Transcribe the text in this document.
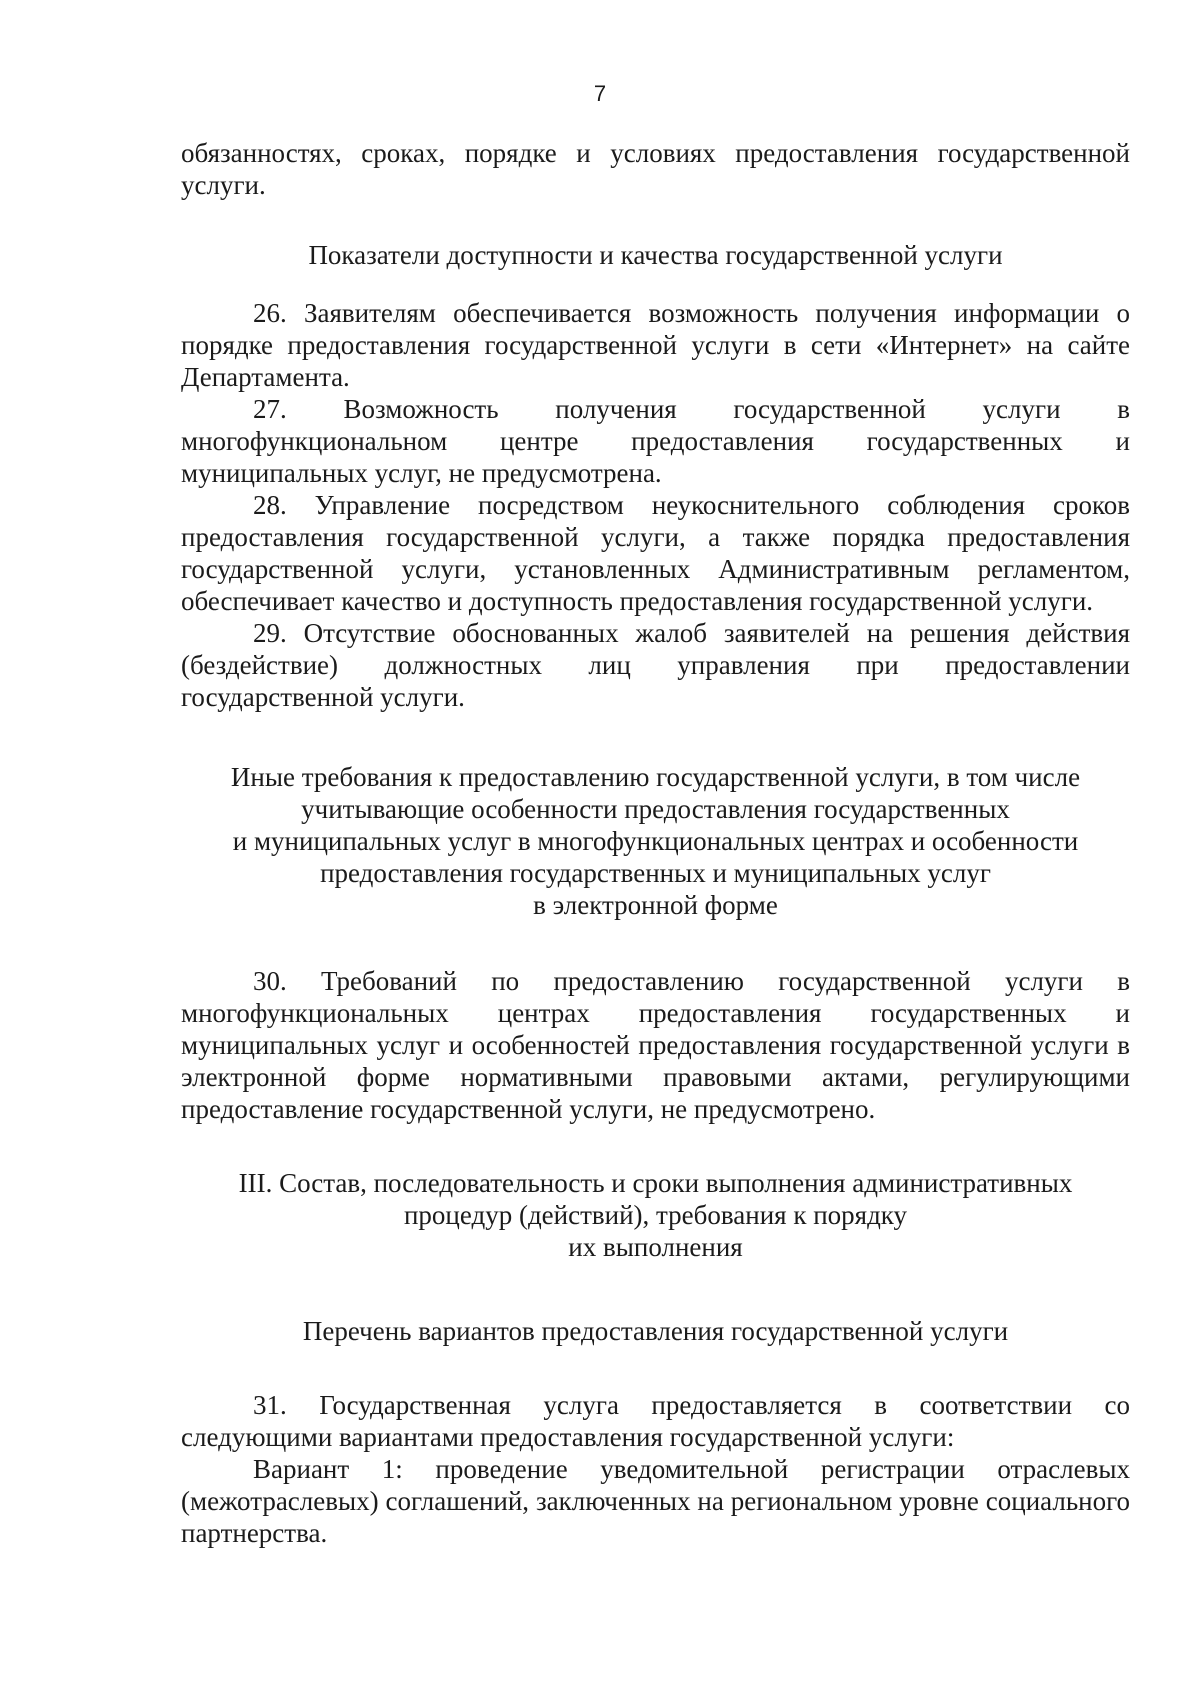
7

обязанностях, сроках, порядке и условиях предоставления государственной услуги.

Показатели доступности и качества государственной услуги

26. Заявителям обеспечивается возможность получения информации о порядке предоставления государственной услуги в сети «Интернет» на сайте Департамента.

27. Возможность получения государственной услуги в многофункциональном центре предоставления государственных и муниципальных услуг, не предусмотрена.

28. Управление посредством неукоснительного соблюдения сроков предоставления государственной услуги, а также порядка предоставления государственной услуги, установленных Административным регламентом, обеспечивает качество и доступность предоставления государственной услуги.

29. Отсутствие обоснованных жалоб заявителей на решения действия (бездействие) должностных лиц управления при предоставлении государственной услуги.

Иные требования к предоставлению государственной услуги, в том числе
учитывающие особенности предоставления государственных
и муниципальных услуг в многофункциональных центрах и особенности
предоставления государственных и муниципальных услуг
в электронной форме

30. Требований по предоставлению государственной услуги в многофункциональных центрах предоставления государственных и муниципальных услуг и особенностей предоставления государственной услуги в электронной форме нормативными правовыми актами, регулирующими предоставление государственной услуги, не предусмотрено.

III. Состав, последовательность и сроки выполнения административных
процедур (действий), требования к порядку
их выполнения

Перечень вариантов предоставления государственной услуги

31. Государственная услуга предоставляется в соответствии со следующими вариантами предоставления государственной услуги:

Вариант 1: проведение уведомительной регистрации отраслевых (межотраслевых) соглашений, заключенных на региональном уровне социального партнерства.
